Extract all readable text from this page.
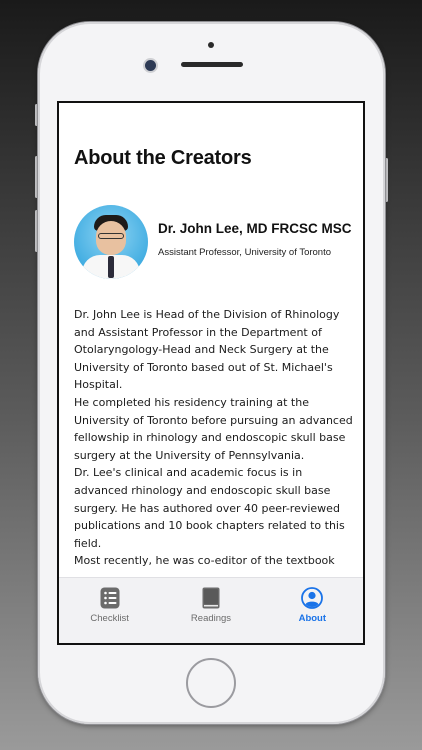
About the Creators
Dr. John Lee, MD FRCSC MSC
Assistant Professor, University of Toronto

Dr. John Lee is Head of the Division of Rhinology and Assistant Professor in the Department of Otolaryngology-Head and Neck Surgery at the University of Toronto based out of St. Michael's Hospital.

He completed his residency training at the University of Toronto before pursuing an advanced fellowship in rhinology and endoscopic skull base surgery at the University of Pennsylvania.

Dr. Lee's clinical and academic focus is in advanced rhinology and endoscopic skull base surgery. He has authored over 40 peer-reviewed publications and 10 book chapters related to this field.

Most recently, he was co-editor of the textbook

Checklist	Readings	About
